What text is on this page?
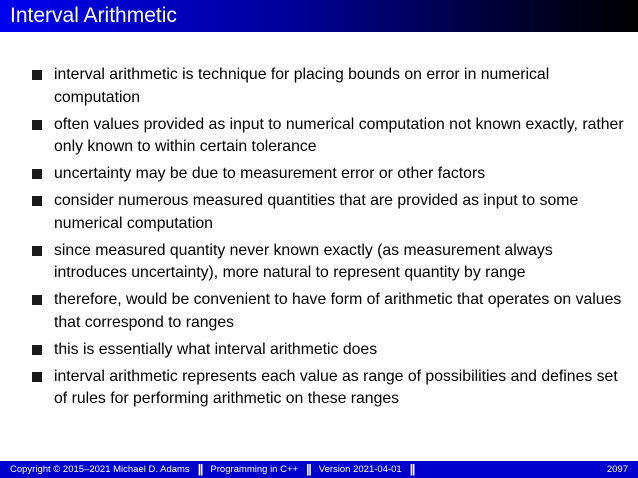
Interval Arithmetic
interval arithmetic is technique for placing bounds on error in numerical computation
often values provided as input to numerical computation not known exactly, rather only known to within certain tolerance
uncertainty may be due to measurement error or other factors
consider numerous measured quantities that are provided as input to some numerical computation
since measured quantity never known exactly (as measurement always introduces uncertainty), more natural to represent quantity by range
therefore, would be convenient to have form of arithmetic that operates on values that correspond to ranges
this is essentially what interval arithmetic does
interval arithmetic represents each value as range of possibilities and defines set of rules for performing arithmetic on these ranges
Copyright © 2015–2021 Michael D. Adams || Programming in C++ || Version 2021-04-01 ||	2097
